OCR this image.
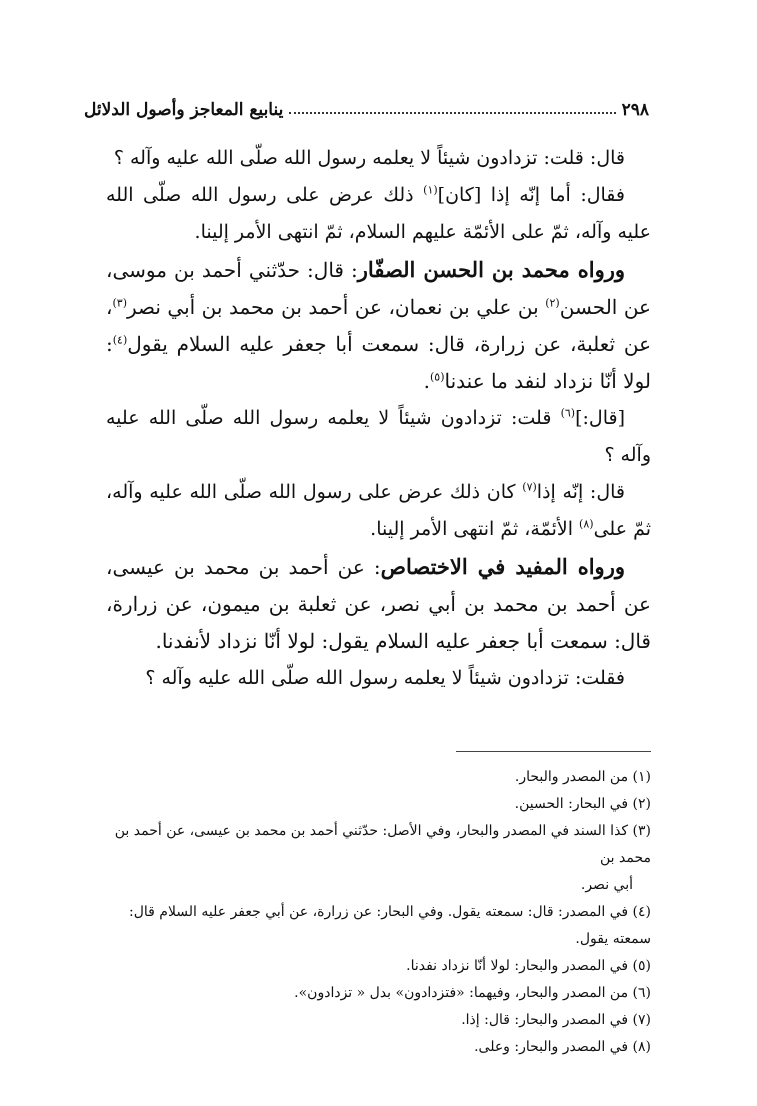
٢٩٨
ينابيع المعاجز وأصول الدلائل

قال: قلت: تزدادون شيئاً لا يعلمه رسول الله صلّى الله عليه وآله ؟

فقال: أما إنّه إذا [كان]$^{(١)}$ ذلك عرض على رسول الله صلّى الله عليه وآله، ثمّ على الأئمّة عليهم السلام، ثمّ انتهى الأمر إلينا.

ورواه محمد بن الحسن الصفّار: قال: حدّثني أحمد بن موسى، عن الحسن$^{(٢)}$ بن علي بن نعمان، عن أحمد بن محمد بن أبي نصر$^{(٣)}$، عن ثعلبة، عن زرارة، قال: سمعت أبا جعفر عليه السلام يقول$^{(٤)}$: لولا أنّا نزداد لنفد ما عندنا$^{(٥)}$.

[قال:]$^{(٦)}$ قلت: تزدادون شيئاً لا يعلمه رسول الله صلّى الله عليه وآله ؟

قال: إنّه إذا$^{(٧)}$ كان ذلك عرض على رسول الله صلّى الله عليه وآله، ثمّ على$^{(٨)}$ الأئمّة، ثمّ انتهى الأمر إلينا.

ورواه المفيد في الاختصاص: عن أحمد بن محمد بن عيسى، عن أحمد بن محمد بن أبي نصر، عن ثعلبة بن ميمون، عن زرارة، قال: سمعت أبا جعفر عليه السلام يقول: لولا أنّا نزداد لأنفدنا.

فقلت: تزدادون شيئاً لا يعلمه رسول الله صلّى الله عليه وآله ؟

(١) من المصدر والبحار.

(٢) في البحار: الحسين.

(٣) كذا السند في المصدر والبحار، وفي الأصل: حدّثني أحمد بن محمد بن عيسى، عن أحمد بن محمد بن

أبي نصر.

(٤) في المصدر: قال: سمعته يقول. وفي البحار: عن زرارة، عن أبي جعفر عليه السلام قال: سمعته يقول.

(٥) في المصدر والبحار: لولا أنّا نزداد نفدنا.

(٦) من المصدر والبحار، وفيهما: «فتزدادون» بدل « تزدادون».

(٧) في المصدر والبحار: قال: إذا.

(٨) في المصدر والبحار: وعلى.
